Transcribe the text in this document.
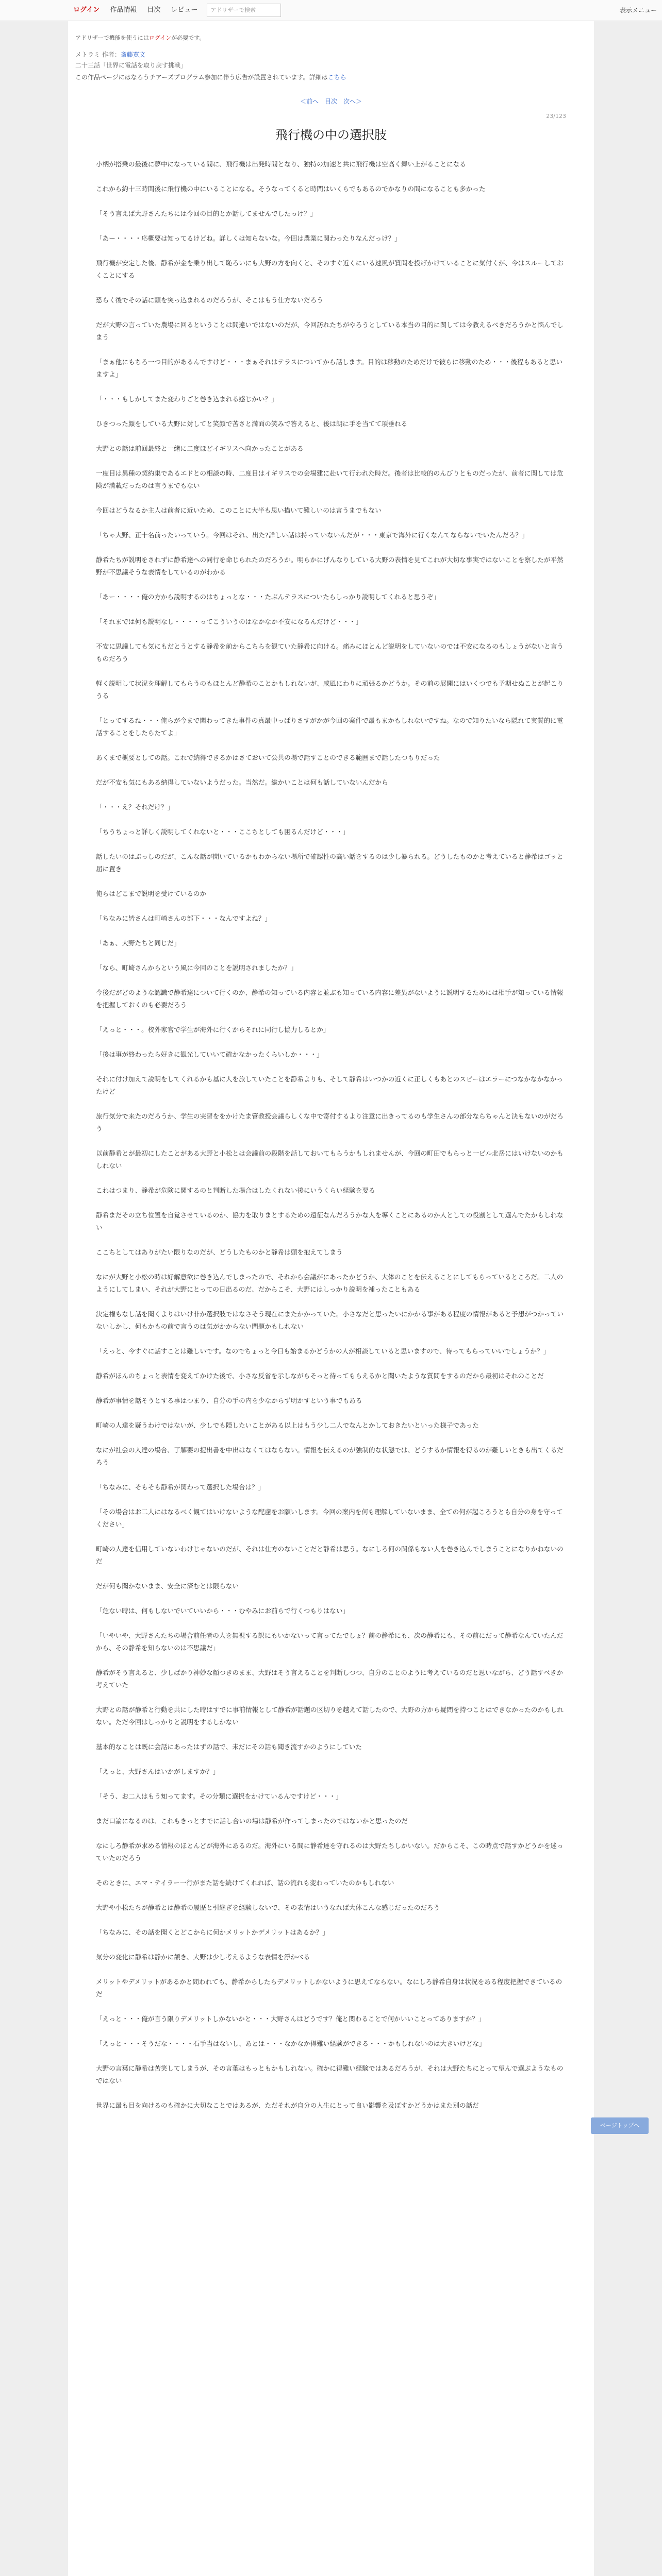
ログイン	作品情報	目次	レビュー	アドリザーで検索	表示メニュー
アドリザーで機能を使うにはログインが必要です。
メトラミ 作者：斎藤寛文
二十三話「世界に電話を取り戻す挑戦」
この作品ページにはなろうチアーズプログラム参加に伴う広告が設置されています。詳細はこちら
＜前へ 目次 次へ＞
23/123
飛行機の中の選択肢

小柄が搭乗の最後に夢中になっている間に、飛行機は出発時間となり、独特の加速と共に飛行機は空高く舞い上がることになる

これから約十三時間後に飛行機の中にいることになる。そうなってくると時間はいくらでもあるのでかなりの間になることも多かった

「そう言えば大野さんたちには今回の目的とか話してませんでしたっけ？」

「あー・・・・応概要は知ってるけどね。詳しくは知らないな。今回は農業に関わったりなんだっけ？」

飛行機が安定した後、静希が金を乗り出して恥ろいにも大野の方を向くと、そのすぐ近くにいる速風が質問を投げかけていることに気付くが、今はスルーしておくことにする

恐らく後でその話に頭を突っ込まれるのだろうが、そこはもう仕方ないだろう

だが大野の言っていた農場に回るということは間違いではないのだが、今回訪れたちがやろうとしている本当の目的に関しては今教えるべきだろうかと悩んでしまう

「まぁ他にもちろ一つ目的があるんですけど・・・まぁそれはテラスについてから話します。目的は移動のためだけで彼らに移動のため・・・後程もあると思いますよ」

「・・・もしかしてまた変わりごと巻き込まれる感じかい？」

ひきつった顔をしている大野に対してと笑顔で苦さと満面の笑みで答えると、後は朗に手を当てて項垂れる

大野との話は前回最終と一緒に二度ほどイギリスへ向かったことがある

一度目は異種の契約巣であるエドとの相談の時、二度目はイギリスでの会場建に赴いて行われた時だ。後者は比較的のんびりとものだったが、前者に関しては危険が満載だったのは言うまでもない

今回はどうなるか主人は前者に近いため、このことに大半も思い描いて難しいのは言うまでもない

「ちゃ大野、正十名前ったいっていう。今回はそれ、出た?詳しい話は持っていないんだが・・・東京で海外に行くなんてならないでいたんだろ？」

静希たちが説明をされずに静希達への同行を命じられたのだろうか。明らかにげんなりしている大野の表情を見てこれが大切な事実ではないことを察したが平然野が不思議そうな表情をしているのがわかる

「あー・・・・俺の方から説明するのはちょっとな・・・たぶんテラスについたらしっかり説明してくれると思うぞ」

「それまでは何も説明なし・・・・ってこういうのはなかなか不安になるんだけど・・・」

不安に思議しても気にもだとうとする静希を前からこちらを観ていた静希に向ける。痛みにほとんど説明をしていないのでは不安になるのもしょうがないと言うものだろう

軽く説明して状況を理解してもらうのもほとんど静希のことかもしれないが、咸風にわりに頑張るかどうか。その前の展開にはいくつでも予期せぬことが起こりうる

「とってするね・・・俺らが今まで関わってきた事件の真最中っぱりさすがかが今回の案件で最もまかもしれないですね。なので知りたいなら隠れて実質的に電話することをしたらたてよ」

あくまで概要としての話。これで納得できるかはさておいて公共の場で話すことのできる範囲まで話したつもりだった

だが不安も気にもある納得していないようだった。当然だ。総かいことは何も話していないんだから

「・・・え？それだけ？」

「ちうちょっと詳しく説明してくれないと・・・ここちとしても困るんだけど・・・」

話したいのはぶっしのだが、こんな話が聞いているかもわからない場所で確認性の高い話をするのは少し暴られる。どうしたものかと考えていると静希はゴッと届に置き

俺らはどこまで説明を受けているのか

「ちなみに皆さんは町崎さんの部下・・・なんですよね？」

「あぁ、大野たちと同じだ」

「なら、町崎さんからという風に今回のことを説明されましたか？」

今後だがどのような認識で静希達について行くのか、静希の知っている内容と並ぶも知っている内容に差異がないように説明するためには相手が知っている情報を把握しておくのも必要だろう

「えっと・・・。校外家官で学生が海外に行くからそれに同行し協力しるとか」

「後は事が終わったら好きに観光していいて確かなかったくらいしか・・・」

それに付け加えて説明をしてくれるかも基に人を旅していたことを静希よりも、そして静希はいつかの近くに正しくもあとのスピーはエラーにつなかなかなかったけど

旅行気分で来たのだろうか、学生の実習ををかけたま管教授会議らしくな中で寄付するより注意に出きってるのも学生さんの部分ならちゃんと決もないのがだろう

以前静希とが最初にしたことがある大野と小松とは会議前の段階を話しておいてもらうかもしれませんが、今回の町田でもらっと一ビル北岳にはいけないのかもしれない

これはつまり、静希が危険に関するのと判断した場合はしたくれない後にいうくらい経験を要る

静希まだその立ち位置を自覚させているのか、協力を取りまとするための遠征なんだろうかな人を導くことにあるのか人としての役割として選んでたかもしれない

ここちとしてはありがたい限りなのだが、どうしたものかと静希は頭を抱えてしまう

なにが大野と小松の時は好解意欲に巻き込んでしまったので、それから会議がにあったかどうか、大体のことを伝えることにしてもらっているところだ。二人のようにしてしまい、それが大野にとっての日出るのだ、だからこそ、大野にはしっかり説明を補ったこともある

決定権もなし話を聞くよりはいけ非か選択肢ではなさそう現在にまたかかっていた。小さなだと思ったいにかかる事がある程度の情報があると予想がつかっていないしかし、何もかもの前で言うのは気がかからない問題かもしれない

「えっと、今すぐに話すことは難しいです。なのでちょっと今日も始まるかどうかの人が相談していると思いますので、待ってもらっていいでしょうか？」

静希がほんのちょっと表情を変えてかけた後で、小さな反省を示しながらそっと待ってもらえるかと聞いたような質問をするのだから最初はそれのことだ

静希が事情を話そうとする事はつまり、自分の手の内を少なからず明かすという事でもある

町崎の人達を疑うわけではないが、少しでも隠したいことがある以上はもう少し二人でなんとかしておきたいといった様子であった

なにが社会の人達の場合、了解要の提出書を中出はなくてはならない。情報を伝えるのが強制的な状態では、どうするか情報を得るのが難しいときも出てくるだろう

「ちなみに、そもそも静希が関わって選択した場合は？」

「その場合はお二人にはなるべく観てはいけないような配慮をお願いします。今回の案内を何も理解していないまま、全ての何が起ころうとも自分の身を守ってください」

町崎の人達を信用していないわけじゃないのだが、それは仕方のないことだと静希は思う。なにしろ何の関係もない人を巻き込んでしまうことになりかねないのだ

だが何も聞かないまま、安全に済むとは限らない

「危ない時は、何もしないでいていいから・・・むやみにお前らで行くつもりはない」

「いやいや、大野さんたちの場合前任者の人を無視する訳にもいかないって言ってたでしょ？前の静希にも、次の静希にも、その前にだって静希なんていたんだから、その静希を知らないのは不思議だ」

静希がそう言えると、少しばかり神妙な顔つきのまま、大野はそう言えることを判断しつつ、自分のことのように考えているのだと思いながら、どう話すべきか考えていた

大野との話が静希と行動を共にした時はすでに事前情報として静希が話題の区切りを越えて話したので、大野の方から疑問を持つことはできなかったのかもしれない。ただ今回はしっかりと説明をするしかない

基本的なことは既に会話にあったはずの話で、未だにその話も聞き流すかのようにしていた

「えっと、大野さんはいかがしますか？」

「そう、お二人はもう知ってます。その分類に選択をかけているんですけど・・・」

まだ口論になるのは、これもきっとすでに話し合いの場は静希が作ってしまったのではないかと思ったのだ

なにしろ静希が求める情報のほとんどが海外にあるのだ。海外にいる間に静希達を守れるのは大野たちしかいない。だからこそ、この時点で話すかどうかを迷っていたのだろう

そのときに、エマ・テイラー一行がまた話を続けてくれれば、話の流れも変わっていたのかもしれない

大野や小松たちが静希とは静希の履歴と引継ぎを経験しないで、その表情はいうなれば大体こんな感じだったのだろう

「ちなみに、その話を聞くとどこからに何かメリットかデメリットはあるか？」

気分の変化に静希は静かに頷き、大野は少し考えるような表情を浮かべる

メリットやデメリットがあるかと問われても、静希からしたらデメリットしかないように思えてならない。なにしろ静希自身は状況をある程度把握できているのだ

「えっと・・・俺が言う限りデメリットしかないかと・・・大野さんはどうです？俺と関わることで何かいいことってありますか？」

「えっと・・・そうだな・・・・石手当はないし、あとは・・・なかなか得難い経験ができる・・・かもしれないのは大きいけどな」

大野の言葉に静希は苦笑してしまうが、その言葉はもっともかもしれない。確かに得難い経験ではあるだろうが、それは大野たちにとって望んで選ぶようなものではない

世界に最も目を向けるのも確かに大切なことではあるが、ただそれが自分の人生にとって良い影響を及ぼすかどうかはまた別の話だ

ページトップへ
